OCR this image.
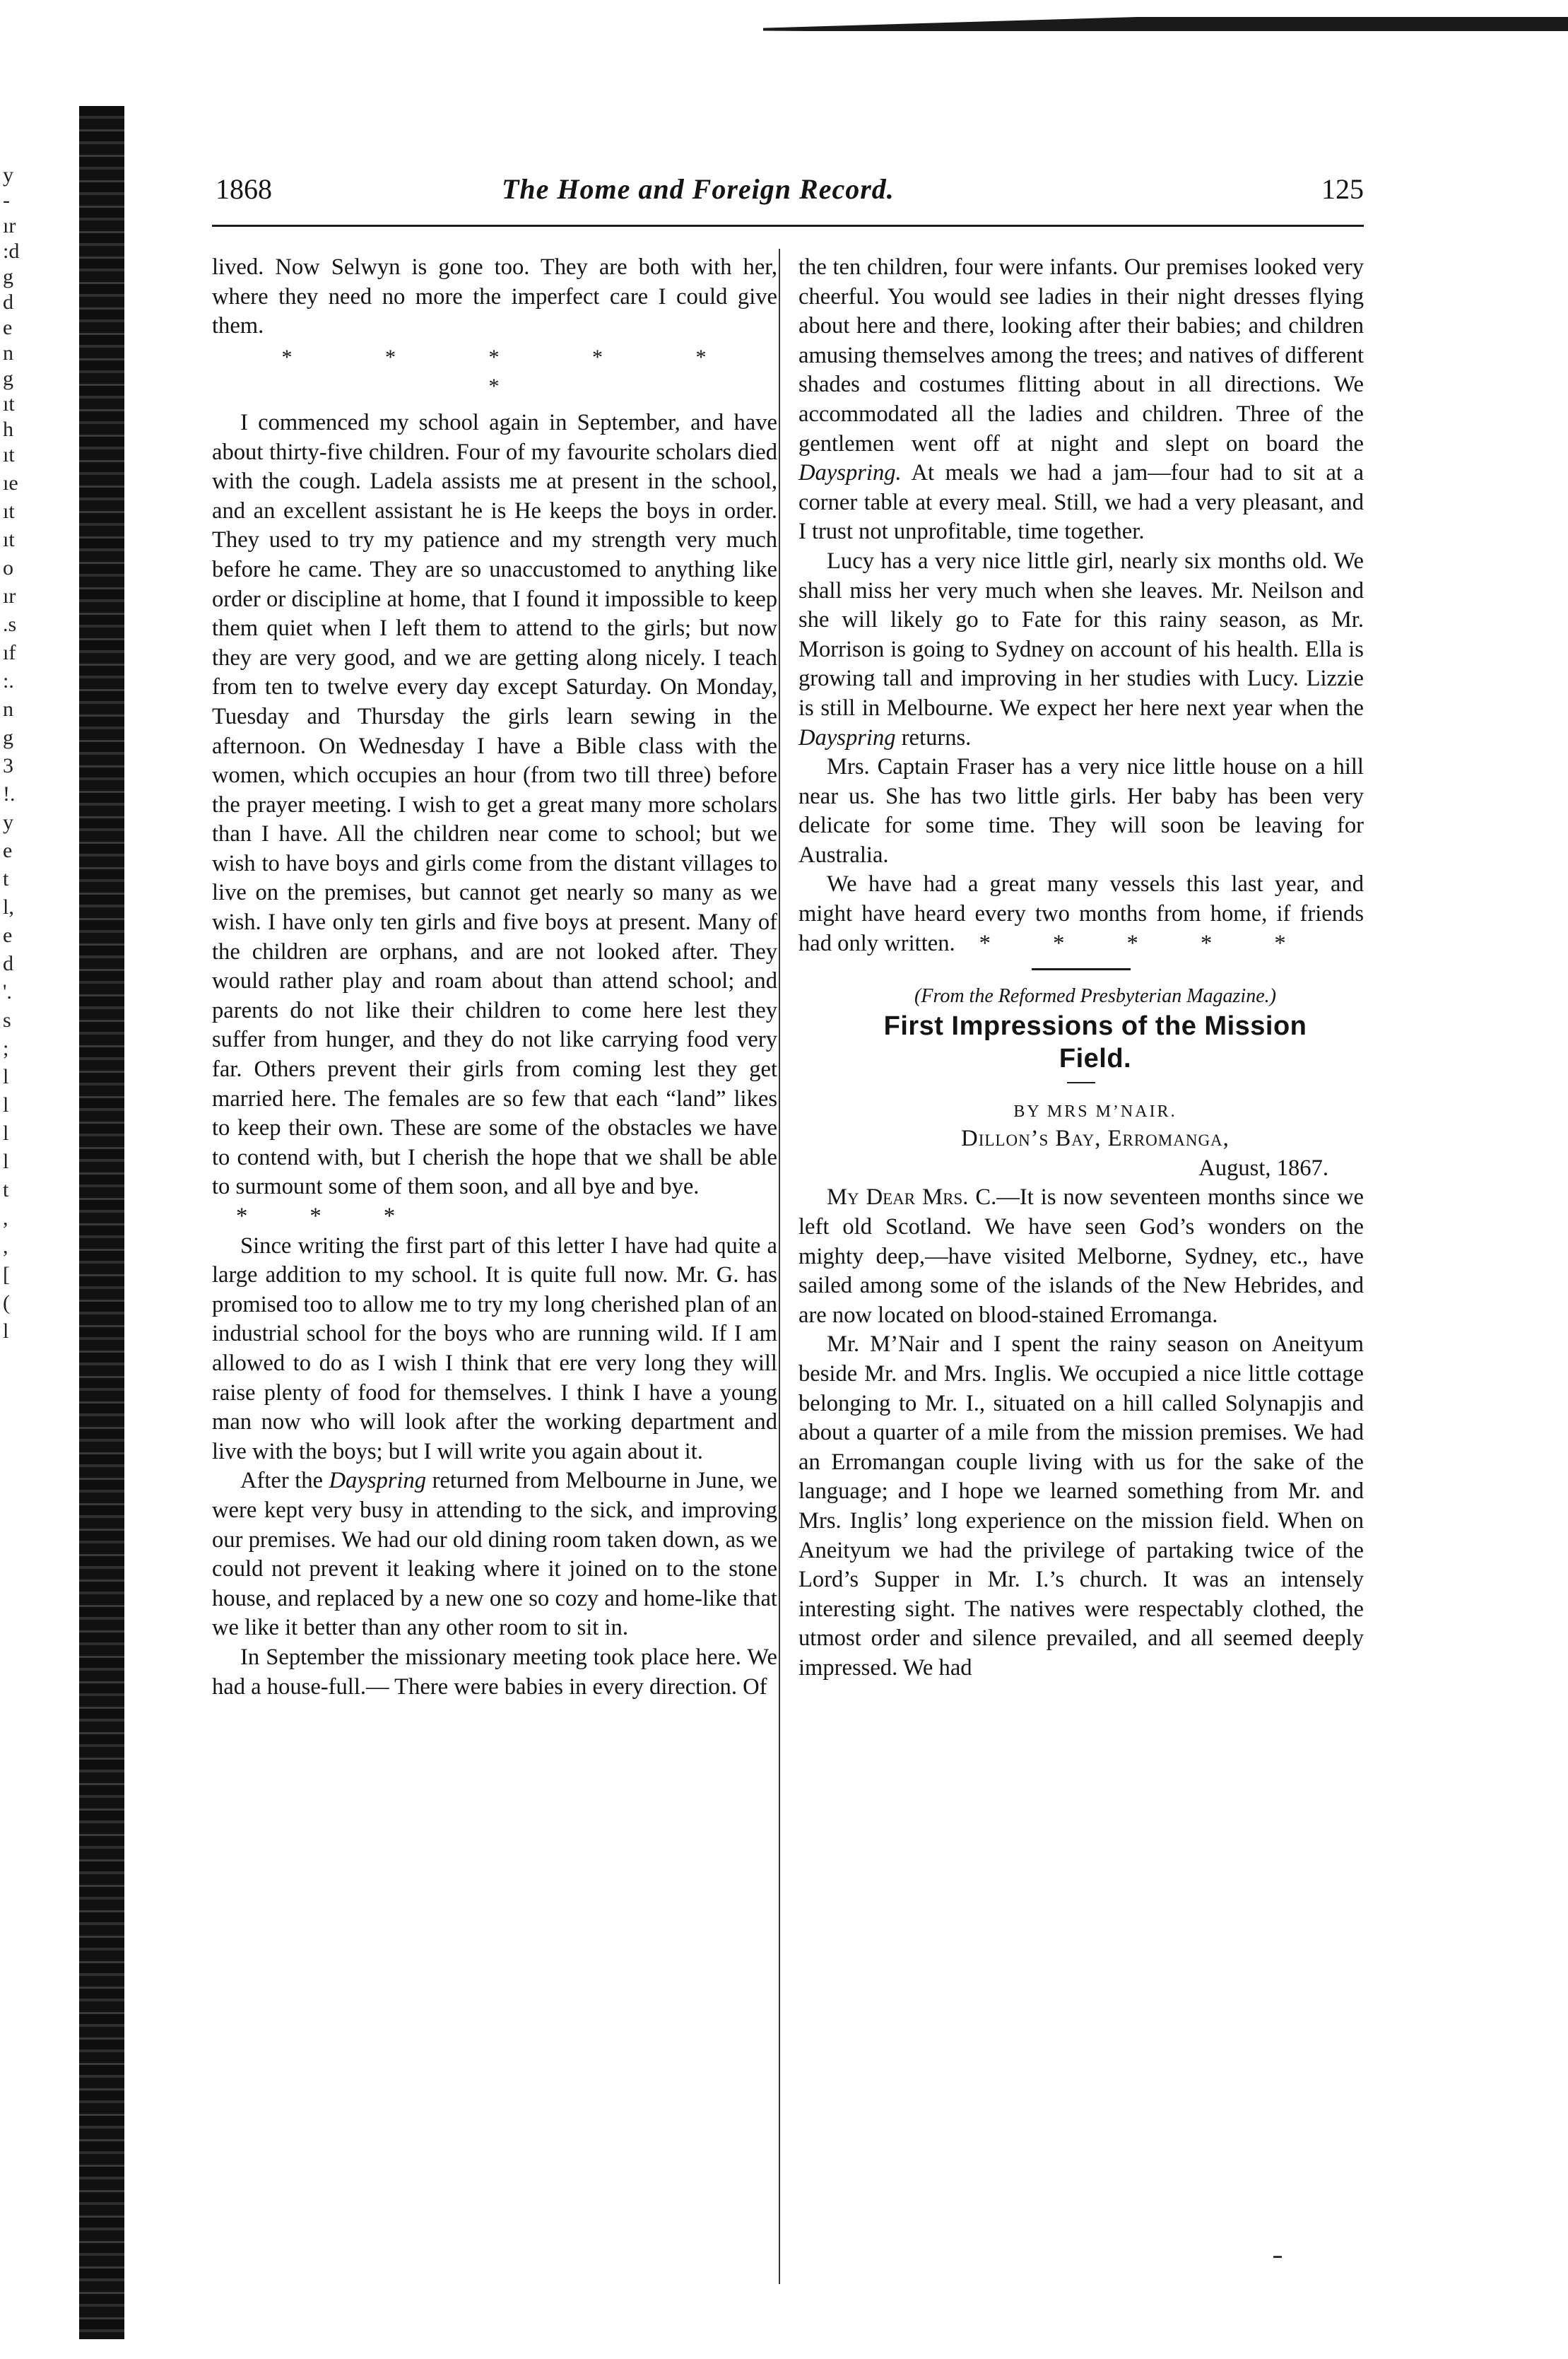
y
-
ır
:d
g
d
e
n
g
ıt
h
ıt
ıe
ıt
ıt
o
ır
.s
ıf
:.
n
g
3
!.
y
e
t
l,
e
d
'.
s
;
l
l
l
l
t
,
,
[
(
l
1868	The Home and Foreign Record.	125

lived. Now Selwyn is gone too. They are both with her, where they need no more the imperfect care I could give them.

* * * * * *

I commenced my school again in September, and have about thirty-five children. Four of my favourite scholars died with the cough. Ladela assists me at present in the school, and an excellent assistant he is He keeps the boys in order. They used to try my patience and my strength very much before he came. They are so unaccustomed to anything like order or discipline at home, that I found it impossible to keep them quiet when I left them to attend to the girls; but now they are very good, and we are getting along nicely. I teach from ten to twelve every day except Saturday. On Monday, Tuesday and Thursday the girls learn sewing in the afternoon. On Wednesday I have a Bible class with the women, which occupies an hour (from two till three) before the prayer meeting. I wish to get a great many more scholars than I have. All the children near come to school; but we wish to have boys and girls come from the distant villages to live on the premises, but cannot get nearly so many as we wish. I have only ten girls and five boys at present. Many of the children are orphans, and are not looked after. They would rather play and roam about than attend school; and parents do not like their children to come here lest they suffer from hunger, and they do not like carrying food very far. Others prevent their girls from coming lest they get married here. The females are so few that each “land” likes to keep their own. These are some of the obstacles we have to contend with, but I cherish the hope that we shall be able to surmount some of them soon, and all bye and bye.

* * *

Since writing the first part of this letter I have had quite a large addition to my school. It is quite full now. Mr. G. has promised too to allow me to try my long cherished plan of an industrial school for the boys who are running wild. If I am allowed to do as I wish I think that ere very long they will raise plenty of food for themselves. I think I have a young man now who will look after the working department and live with the boys; but I will write you again about it.

After the Dayspring returned from Melbourne in June, we were kept very busy in attending to the sick, and improving our premises. We had our old dining room taken down, as we could not prevent it leaking where it joined on to the stone house, and replaced by a new one so cozy and home-like that we like it better than any other room to sit in.

In September the missionary meeting took place here. We had a house-full.— There were babies in every direction. Of

the ten children, four were infants. Our premises looked very cheerful. You would see ladies in their night dresses flying about here and there, looking after their babies; and children amusing themselves among the trees; and natives of different shades and costumes flitting about in all directions. We accommodated all the ladies and children. Three of the gentlemen went off at night and slept on board the Dayspring. At meals we had a jam—four had to sit at a corner table at every meal. Still, we had a very pleasant, and I trust not unprofitable, time together.

Lucy has a very nice little girl, nearly six months old. We shall miss her very much when she leaves. Mr. Neilson and she will likely go to Fate for this rainy season, as Mr. Morrison is going to Sydney on account of his health. Ella is growing tall and improving in her studies with Lucy. Lizzie is still in Melbourne. We expect her here next year when the Dayspring returns.

Mrs. Captain Fraser has a very nice little house on a hill near us. She has two little girls. Her baby has been very delicate for some time. They will soon be leaving for Australia.

We have had a great many vessels this last year, and might have heard every two months from home, if friends had only written. * * * * *

(From the Reformed Presbyterian Magazine.)

First Impressions of the Mission

Field.

BY MRS M’NAIR.

Dillon’s Bay, Erromanga,

August, 1867.

My Dear Mrs. C.—It is now seventeen months since we left old Scotland. We have seen God’s wonders on the mighty deep,—have visited Melborne, Sydney, etc., have sailed among some of the islands of the New Hebrides, and are now located on blood-stained Erromanga.

Mr. M’Nair and I spent the rainy season on Aneityum beside Mr. and Mrs. Inglis. We occupied a nice little cottage belonging to Mr. I., situated on a hill called Solynapjis and about a quarter of a mile from the mission premises. We had an Erromangan couple living with us for the sake of the language; and I hope we learned something from Mr. and Mrs. Inglis’ long experience on the mission field. When on Aneityum we had the privilege of partaking twice of the Lord’s Supper in Mr. I.’s church. It was an intensely interesting sight. The natives were respectably clothed, the utmost order and silence prevailed, and all seemed deeply impressed. We had
